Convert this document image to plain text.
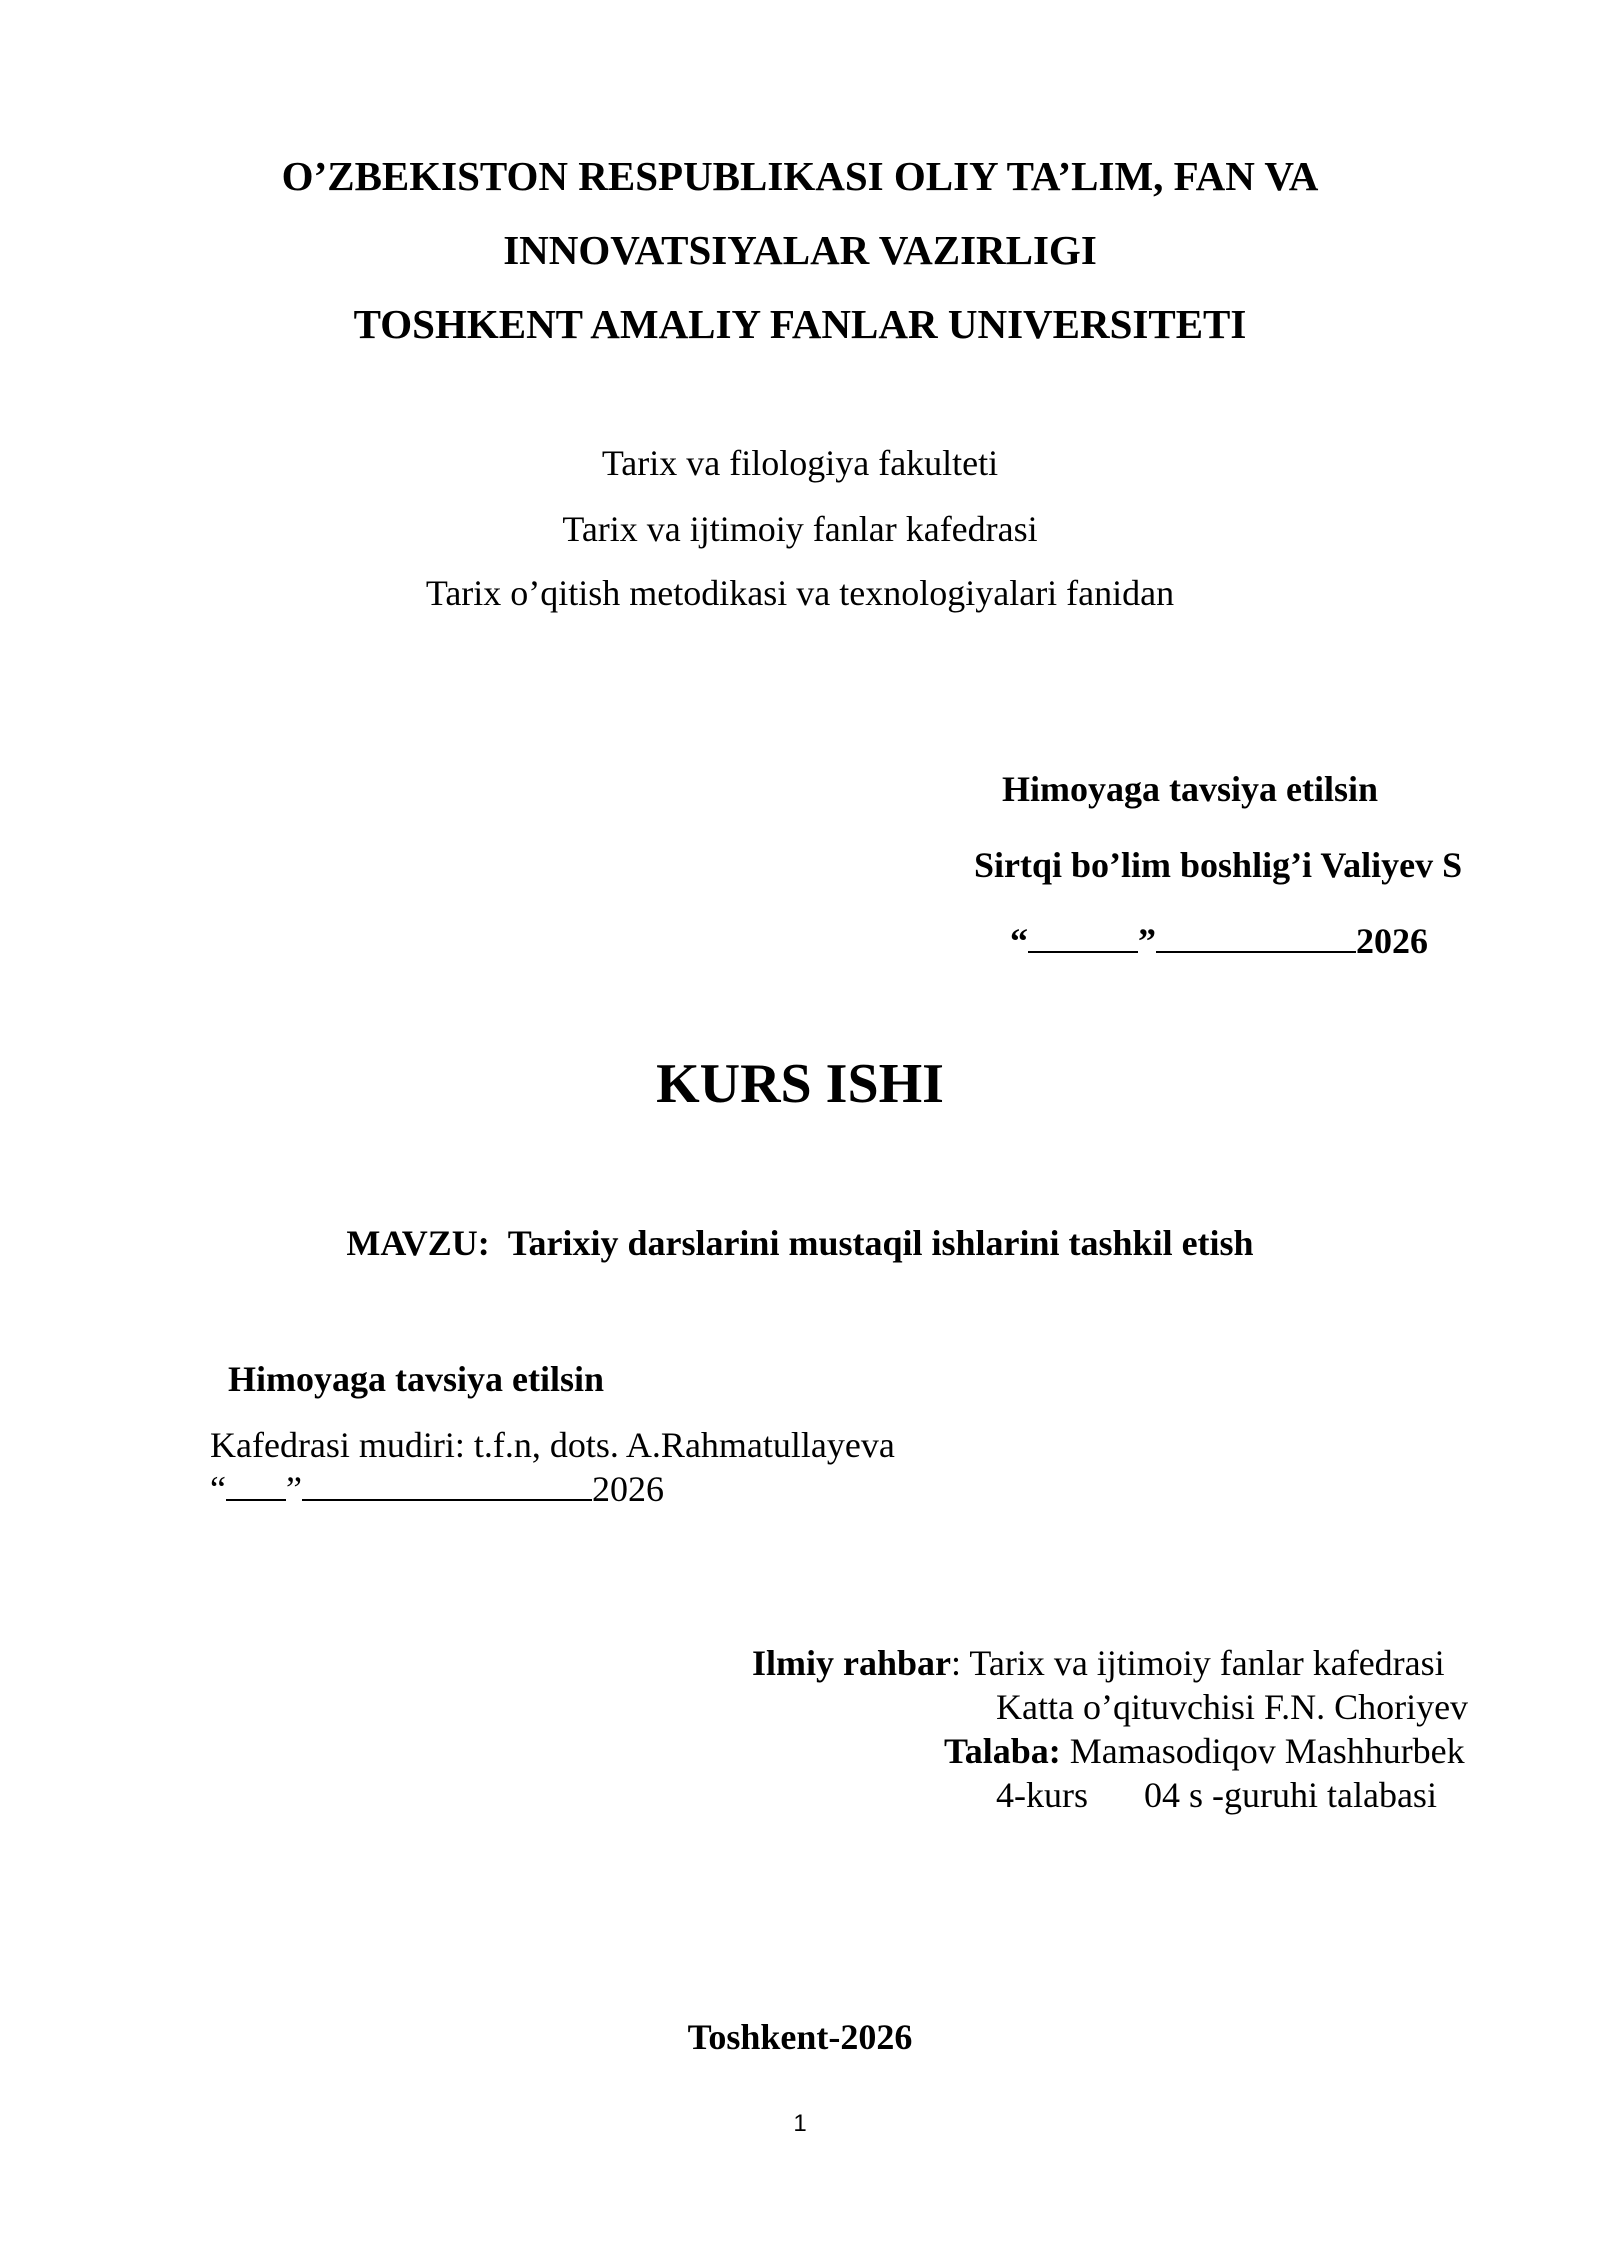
O’ZBEKISTON RESPUBLIKASI OLIY TA’LIM, FAN VA
INNOVATSIYALAR VAZIRLIGI
TOSHKENT AMALIY FANLAR UNIVERSITETI
Tarix va filologiya fakulteti
Tarix va ijtimoiy fanlar kafedrasi
Tarix o’qitish metodikasi va texnologiyalari fanidan
Himoyaga tavsiya etilsin
Sirtqi bo’lim boshlig’i Valiyev S
“	”	2026
KURS ISHI
MAVZU: Tarixiy darslarini mustaqil ishlarini tashkil etish
Himoyaga tavsiya etilsin
Kafedrasi mudiri: t.f.n, dots. A.Rahmatullayeva
“ ”	2026
Ilmiy rahbar: Tarix va ijtimoiy fanlar kafedrasi
Katta o’qituvchisi F.N. Choriyev
Talaba: Mamasodiqov Mashhurbek
4-kurs 04 s -guruhi talabasi
Toshkent-2026
1
